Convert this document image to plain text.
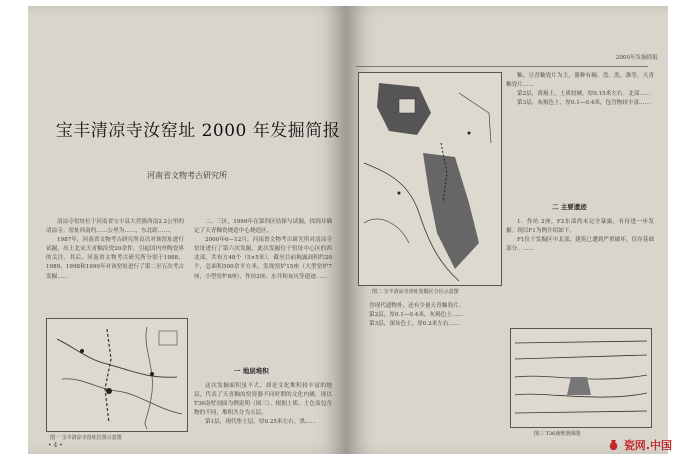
宝丰清凉寺汝窑址 2000 年发掘简报
河南省文物考古研究所

清凉寺窑址位于河南省宝丰县大营镇西南2.2公里的清凉寺。窑址西南约……公里为……，东北距……。

1987年，河南省文物考古研究所首次对该窑址进行试掘，出土北宋天青釉汝瓷20余件，引起国内外陶瓷界的关注。其后，河南省文物考古研究所分别于1988、1989、1998和1999年对该窑址进行了第二至五次考古发掘……

二、三区，1999年在第四区钻探与试掘，找到并确定了天青釉瓷烧造中心烧造区。

2000年6—12月，河南省文物考古研究所对清凉寺窑址进行了第六次发掘，此次发掘位于窑址中心区的西北部，共布方48个（5×5米），截至目前揭露面积约20个，总面积500余平方米，发现窑炉15座（大型窑炉7座，小型窑炉8座）、作坊2座、水井和灰坑等遗迹……

图一 宝丰清凉寺窑址位置示意图
• 4 •
一 地层堆积

这次发掘面积虽不大，却是文化堆积较丰富的地层，代表了天青釉汝窑瓷器不同时期的文化内涵，现以T36南壁剖面为例说明（图三）。根据土质、土色及包含物的不同，堆积共分为五层。

第1层，现代垫土层，厚0.25米左右。黑……

2000年发掘简报
图二 宝丰清凉寺窑址发掘区分区示意图

釉、豆青釉瓷片为主，器种有碗、盘、洗、盏等，天青釉瓷片……

第2层，黄褐土，土质较硬，厚0.15米左右。北部……

第3层，灰褐色土，厚0.1—0.4米，包含物较丰富……

二 主要遗迹

1．作坊 2座，F2东部尚未完全暴露，有待进一步发掘。现以F1为例介绍如下。

F1位于发掘区中北部，建筑已遭到严重破坏，仅存基础部分。……

含现代遗物外，还有少量天青釉瓷片。

第2层，厚0.1—0.4米，灰褐色土……

第3层，深灰色土，厚0.2米左右……

图三 T36南壁剖面图
瓷网.中国
